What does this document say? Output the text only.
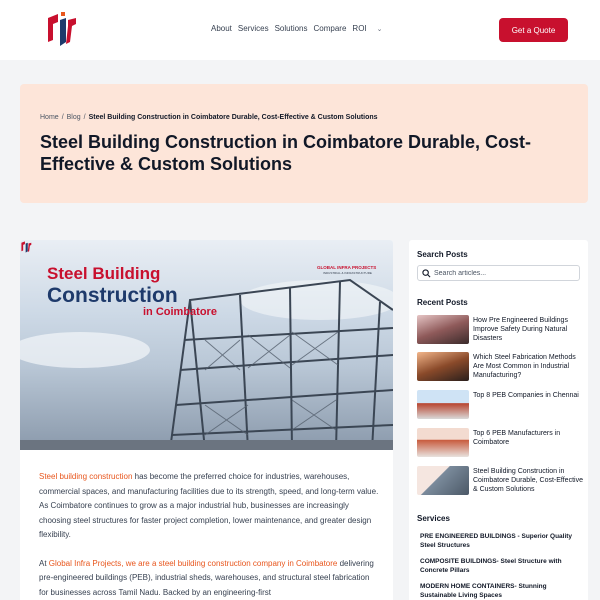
About Services Solutions Compare ROI ⌄	Get a Quote
Home / Blog / Steel Building Construction in Coimbatore Durable, Cost-Effective & Custom Solutions
Steel Building Construction in Coimbatore Durable, Cost-Effective & Custom Solutions
Steel Building
Construction
in Coimbatore
GLOBAL INFRA PROJECTS
INDUSTRIAL & INFRASTRUCTURE

Steel building construction has become the preferred choice for industries, warehouses, commercial spaces, and manufacturing facilities due to its strength, speed, and long-term value. As Coimbatore continues to grow as a major industrial hub, businesses are increasingly choosing steel structures for faster project completion, lower maintenance, and greater design flexibility.

At Global Infra Projects, we are a steel building construction company in Coimbatore delivering pre-engineered buildings (PEB), industrial sheds, warehouses, and structural steel fabrication for businesses across Tamil Nadu. Backed by an engineering-first

Search Posts
Search articles...
Recent Posts
How Pre Engineered Buildings Improve Safety During Natural Disasters
Which Steel Fabrication Methods Are Most Common in Industrial Manufacturing?
Top 8 PEB Companies in Chennai
Top 6 PEB Manufacturers in Coimbatore
Steel Building Construction in Coimbatore Durable, Cost-Effective & Custom Solutions
Services
PRE ENGINEERED BUILDINGS - Superior Quality Steel Structures
COMPOSITE BUILDINGS- Steel Structure with Concrete Pillars
MODERN HOME CONTAINERS- Stunning Sustainable Living Spaces
